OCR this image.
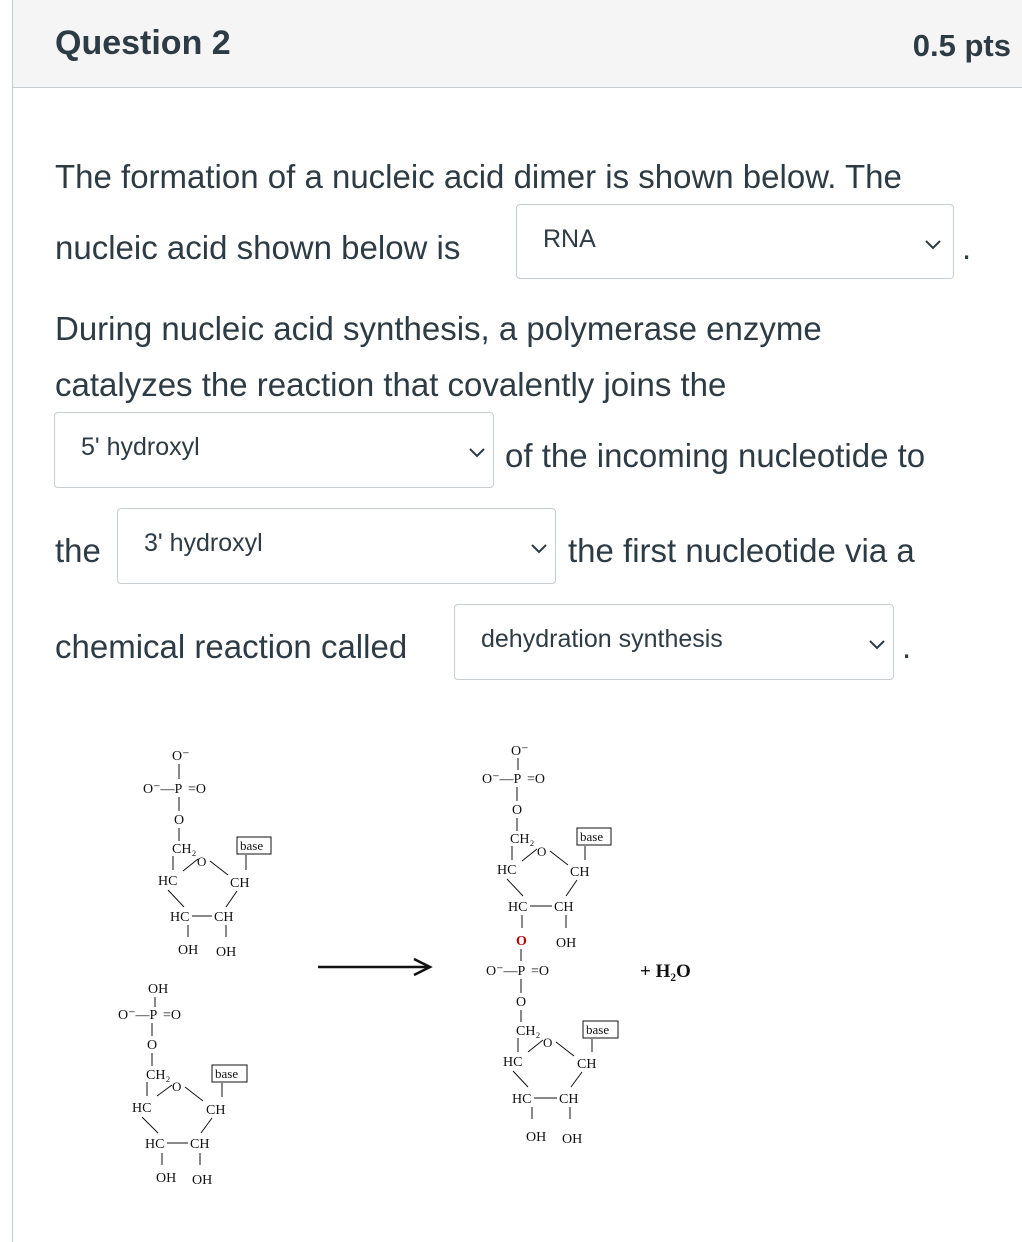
Question 2	0.5 pts
The formation of a nucleic acid dimer is shown below. The
nucleic acid shown below is	RNA	.
During nucleic acid synthesis, a polymerase enzyme
catalyzes the reaction that covalently joins the
5' hydroxyl	of the incoming nucleotide to
the 3' hydroxyl	the first nucleotide via a
chemical reaction called	dehydration synthesis	.
O⁻
O⁻—P =O
O
CH₂	base
O
HC	CH
HC CH
OH OH
OH
O⁻—P =O
O
CH₂	base
O
HC	CH
HC CH
OH OH
O⁻
O⁻—P =O
O
CH₂	base
O
HC	CH
HC CH
O OH
O⁻—P =O
O
CH₂	base
O
HC	CH
HC CH
OH OH
+ H₂O
